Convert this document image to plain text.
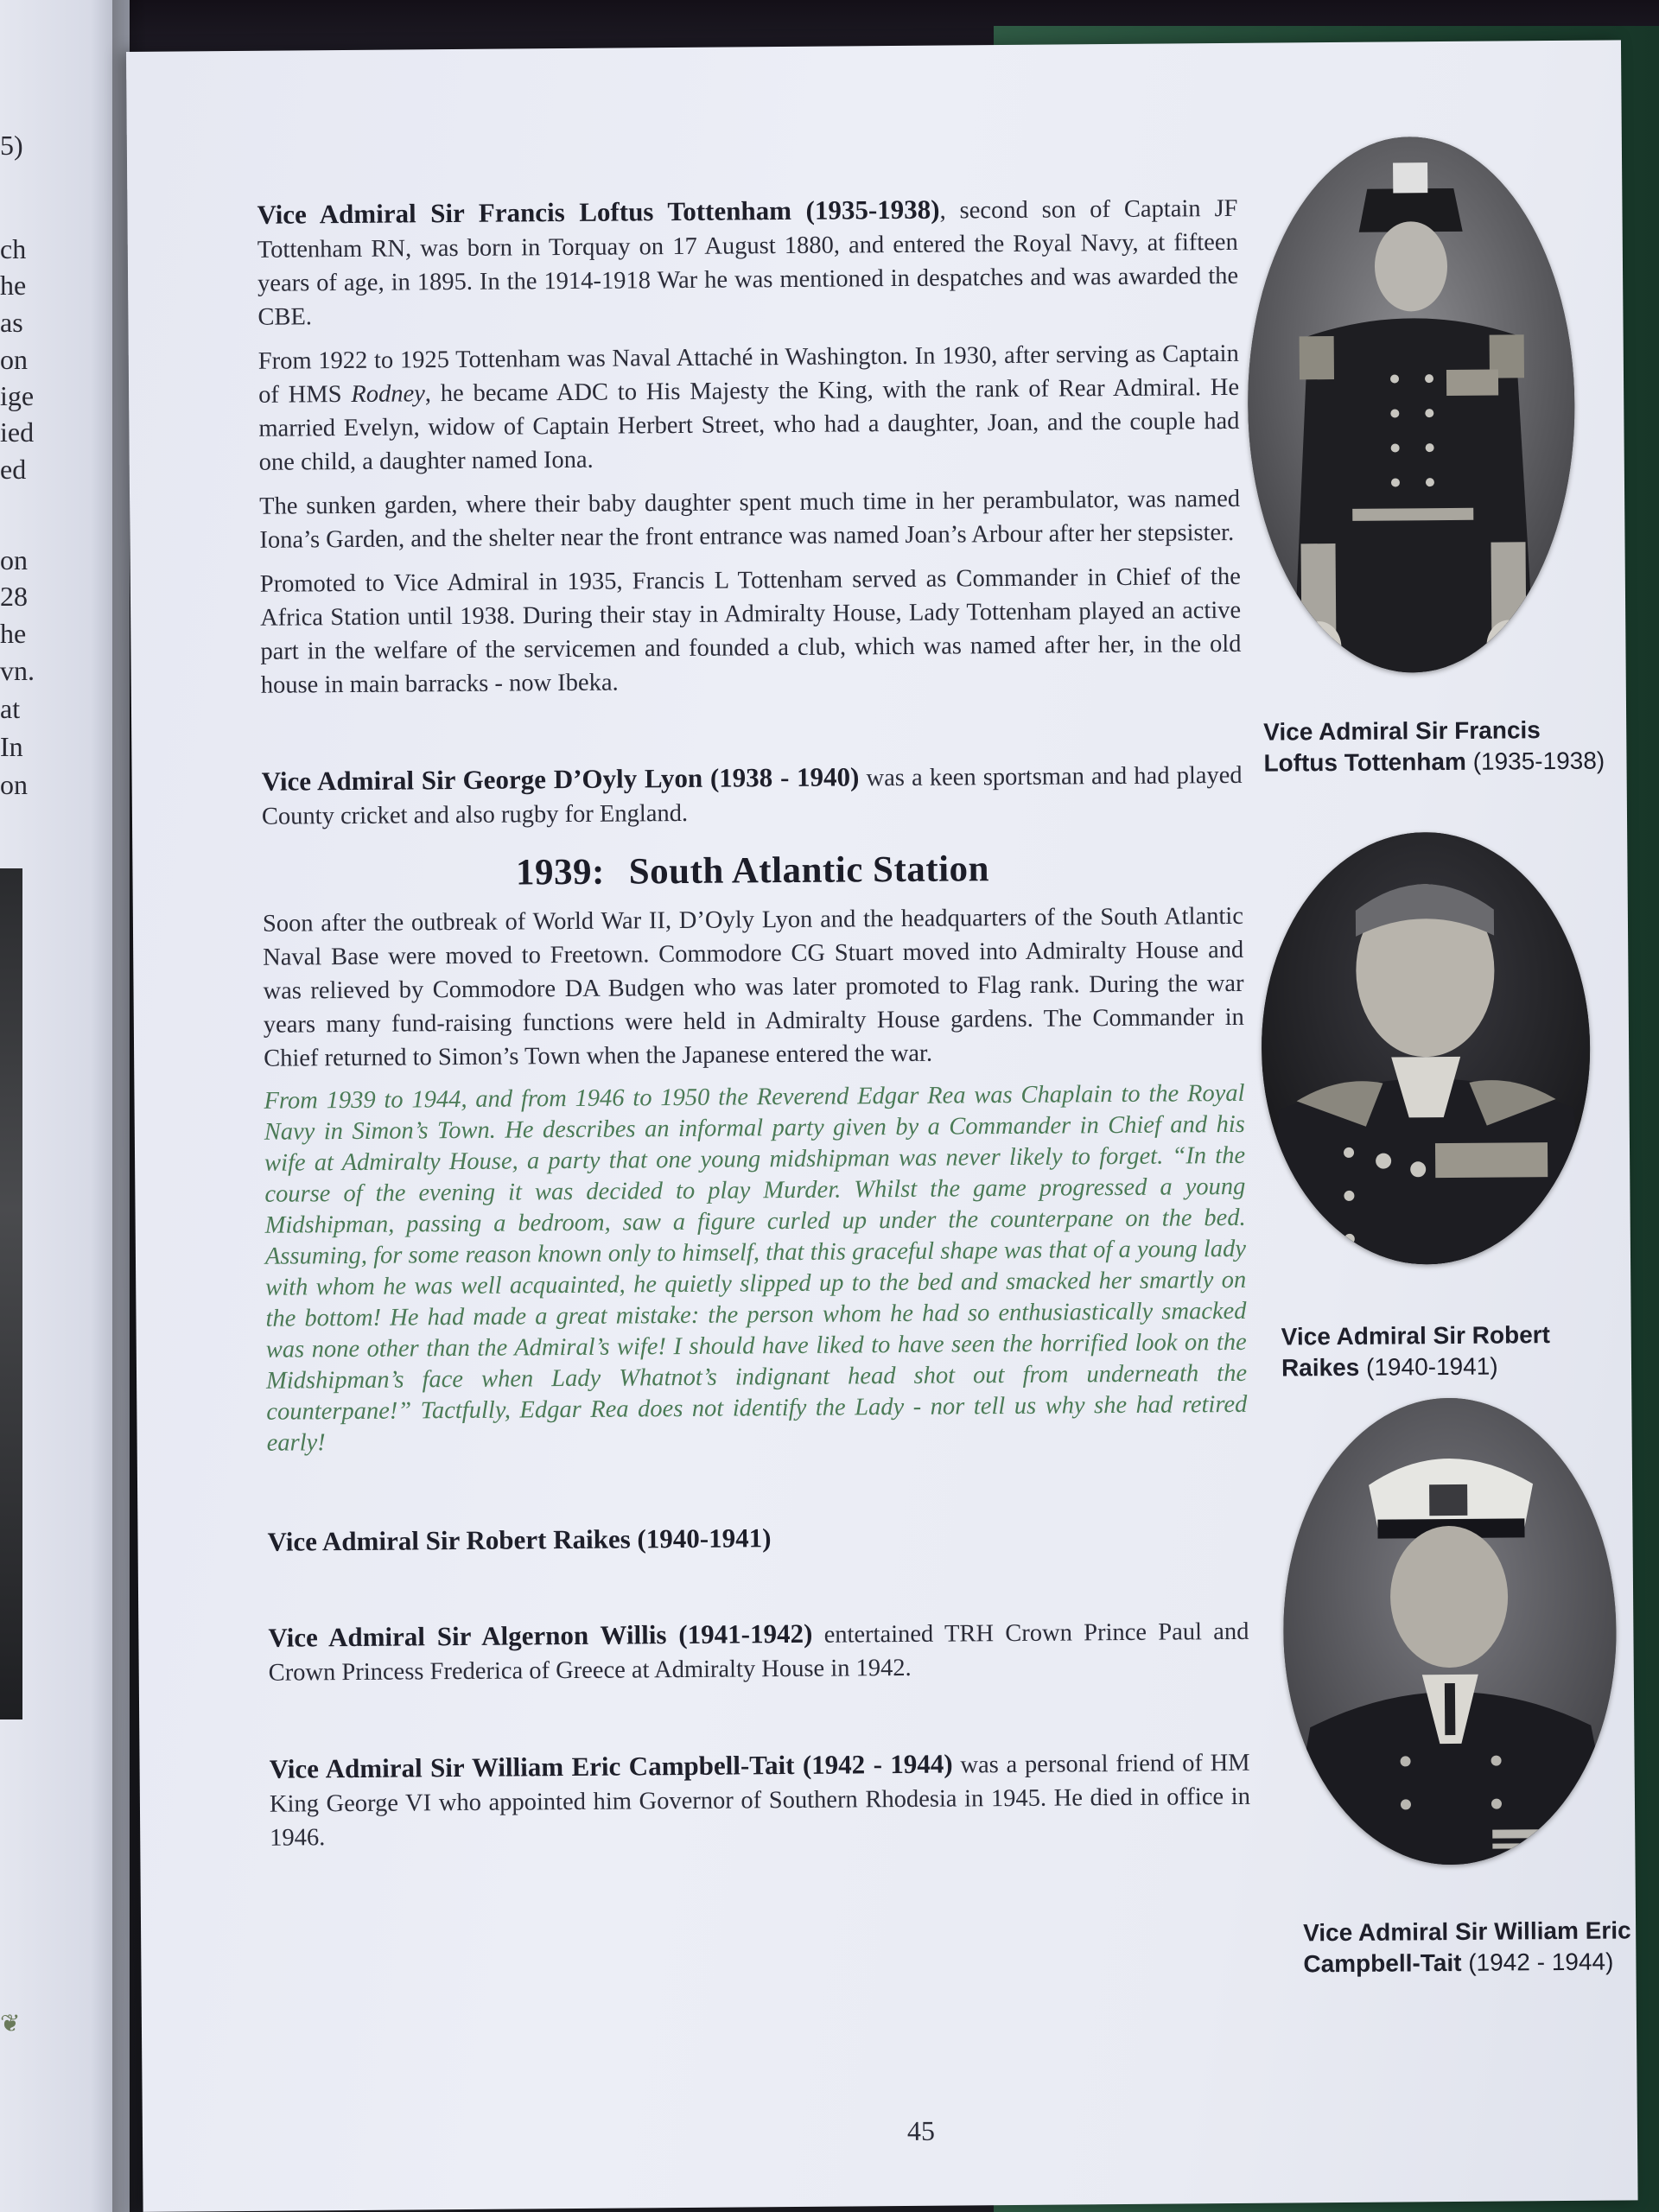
5)
ch
he
as
on
ige
ied
ed
on
28
he
vn.
at
In
on
❦

Vice Admiral Sir Francis Loftus Tottenham (1935-1938), second son of Captain JF Tottenham RN, was born in Torquay on 17 August 1880, and entered the Royal Navy, at fifteen years of age, in 1895. In the 1914-1918 War he was mentioned in despatches and was awarded the CBE.

From 1922 to 1925 Tottenham was Naval Attaché in Washington. In 1930, after serving as Captain of HMS Rodney, he became ADC to His Majesty the King, with the rank of Rear Admiral. He married Evelyn, widow of Captain Herbert Street, who had a daughter, Joan, and the couple had one child, a daughter named Iona.

The sunken garden, where their baby daughter spent much time in her perambulator, was named Iona’s Garden, and the shelter near the front entrance was named Joan’s Arbour after her stepsister.

Promoted to Vice Admiral in 1935, Francis L Tottenham served as Commander in Chief of the Africa Station until 1938. During their stay in Admiralty House, Lady Tottenham played an active part in the welfare of the servicemen and founded a club, which was named after her, in the old house in main barracks - now Ibeka.

Vice Admiral Sir George D’Oyly Lyon (1938 - 1940) was a keen sportsman and had played County cricket and also rugby for England.

1939: South Atlantic Station

Soon after the outbreak of World War II, D’Oyly Lyon and the headquarters of the South Atlantic Naval Base were moved to Freetown. Commodore CG Stuart moved into Admiralty House and was relieved by Commodore DA Budgen who was later promoted to Flag rank. During the war years many fund-raising functions were held in Admiralty House gardens. The Commander in Chief returned to Simon’s Town when the Japanese entered the war.

From 1939 to 1944, and from 1946 to 1950 the Reverend Edgar Rea was Chaplain to the Royal Navy in Simon’s Town. He describes an informal party given by a Commander in Chief and his wife at Admiralty House, a party that one young midshipman was never likely to forget. “In the course of the evening it was decided to play Murder. Whilst the game progressed a young Midshipman, passing a bedroom, saw a figure curled up under the counterpane on the bed. Assuming, for some reason known only to himself, that this graceful shape was that of a young lady with whom he was well acquainted, he quietly slipped up to the bed and smacked her smartly on the bottom! He had made a great mistake: the person whom he had so enthusiastically smacked was none other than the Admiral’s wife! I should have liked to have seen the horrified look on the Midshipman’s face when Lady Whatnot’s indignant head shot out from underneath the counterpane!” Tactfully, Edgar Rea does not identify the Lady - nor tell us why she had retired early!

Vice Admiral Sir Robert Raikes (1940-1941)

Vice Admiral Sir Algernon Willis (1941-1942) entertained TRH Crown Prince Paul and Crown Princess Frederica of Greece at Admiralty House in 1942.

Vice Admiral Sir William Eric Campbell-Tait (1942 - 1944) was a personal friend of HM King George VI who appointed him Governor of Southern Rhodesia in 1945. He died in office in 1946.

Vice Admiral Sir Francis Loftus Tottenham (1935-1938)
Vice Admiral Sir Robert Raikes (1940-1941)
Vice Admiral Sir William Eric Campbell-Tait (1942 - 1944)
45
